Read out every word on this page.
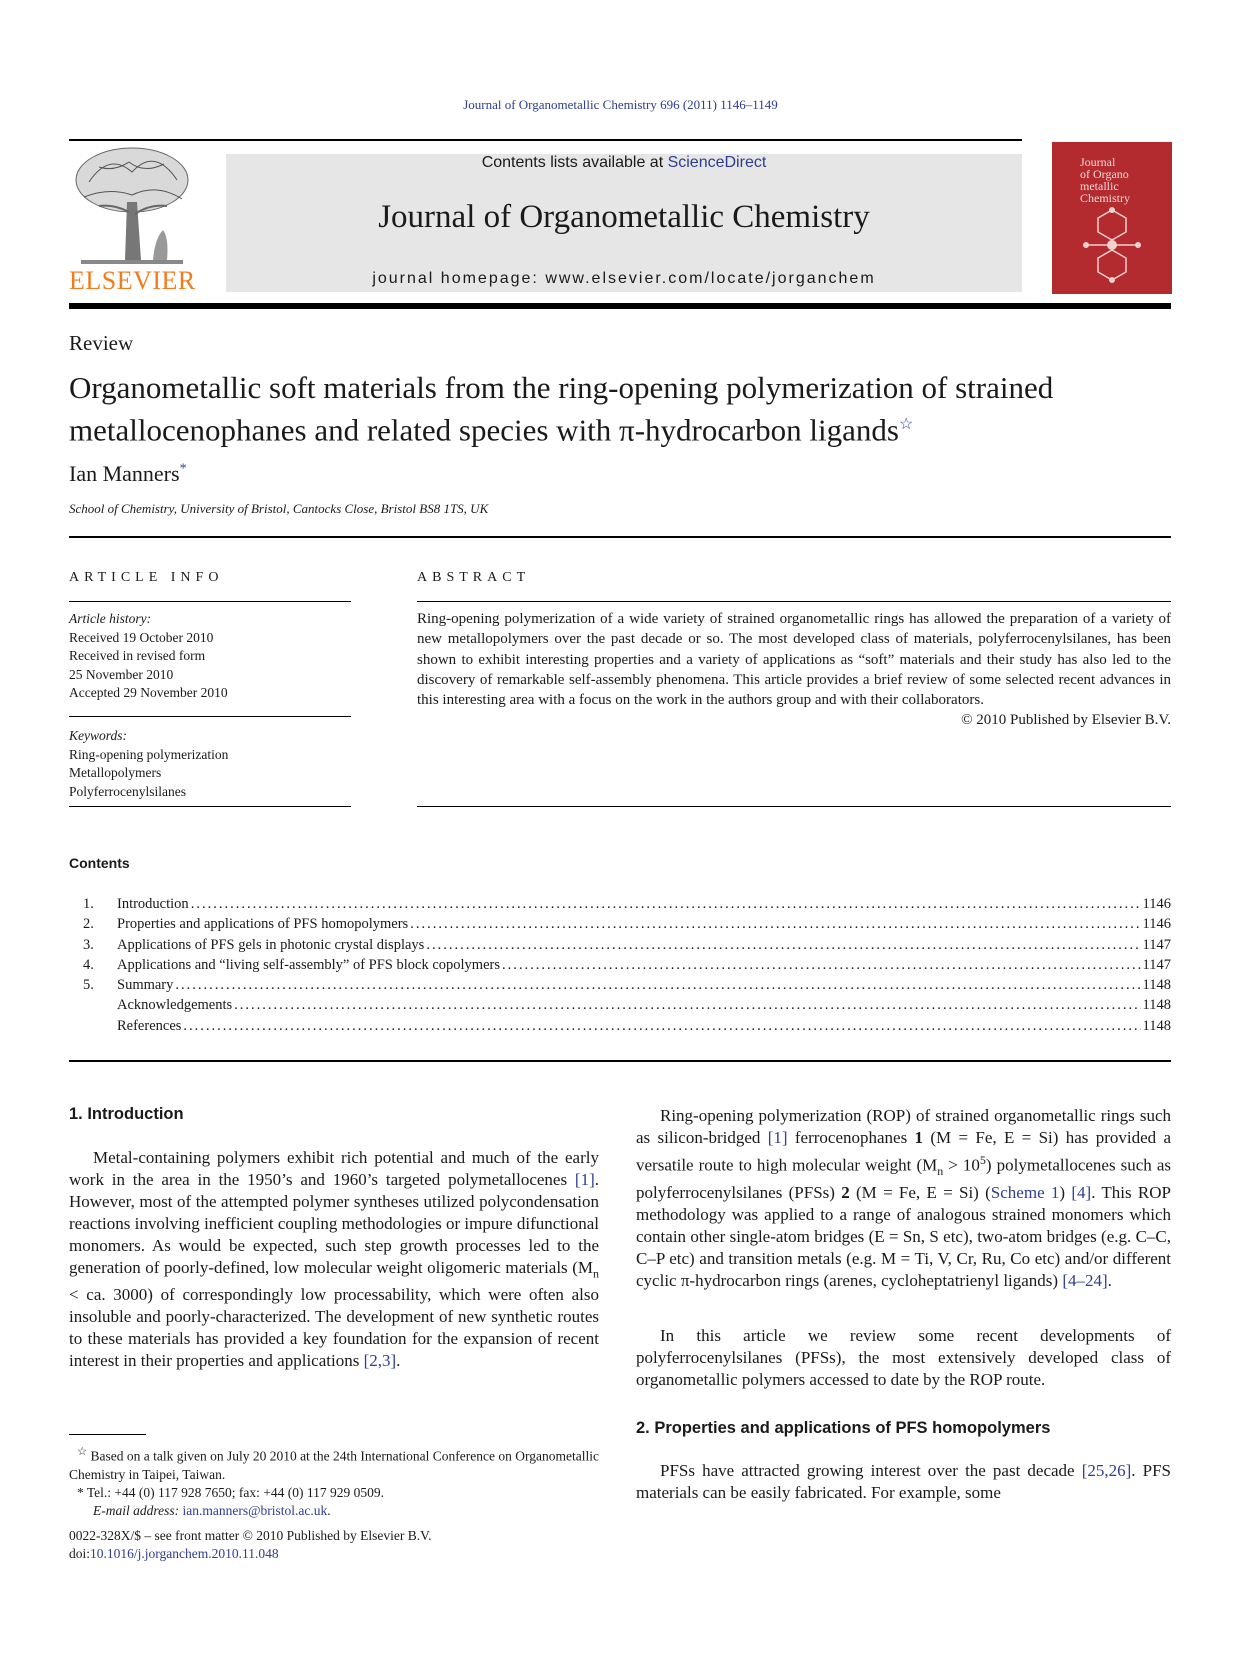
Journal of Organometallic Chemistry 696 (2011) 1146–1149
ELSEVIER
Contents lists available at ScienceDirect
Journal of Organometallic Chemistry
journal homepage: www.elsevier.com/locate/jorganchem
Journal
of Organo
metallic
Chemistry
Review
Organometallic soft materials from the ring-opening polymerization of strained
metallocenophanes and related species with π-hydrocarbon ligands☆
Ian Manners*
School of Chemistry, University of Bristol, Cantocks Close, Bristol BS8 1TS, UK
ARTICLE INFO
Article history:
Received 19 October 2010
Received in revised form
25 November 2010
Accepted 29 November 2010
Keywords:
Ring-opening polymerization
Metallopolymers
Polyferrocenylsilanes
ABSTRACT
Ring-opening polymerization of a wide variety of strained organometallic rings has allowed the preparation of a variety of new metallopolymers over the past decade or so. The most developed class of materials, polyferrocenylsilanes, has been shown to exhibit interesting properties and a variety of applications as “soft” materials and their study has also led to the discovery of remarkable self-assembly phenomena. This article provides a brief review of some selected recent advances in this interesting area with a focus on the work in the authors group and with their collaborators.
© 2010 Published by Elsevier B.V.
Contents
1.	Introduction .....	1146
2.	Properties and applications of PFS homopolymers .....	1146
3.	Applications of PFS gels in photonic crystal displays .....	1147
4.	Applications and “living self-assembly” of PFS block copolymers .....	1147
5.	Summary .....	1148
Acknowledgements .....	1148
References .....	1148
1. Introduction
Metal-containing polymers exhibit rich potential and much of the early work in the area in the 1950’s and 1960’s targeted polymetallocenes [1]. However, most of the attempted polymer syntheses utilized polycondensation reactions involving inefficient coupling methodologies or impure difunctional monomers. As would be expected, such step growth processes led to the generation of poorly-defined, low molecular weight oligomeric materials ($M_n$ < ca. 3000) of correspondingly low processability, which were often also insoluble and poorly-characterized. The development of new synthetic routes to these materials has provided a key foundation for the expansion of recent interest in their properties and applications [2,3].
Ring-opening polymerization (ROP) of strained organometallic rings such as silicon-bridged [1] ferrocenophanes 1 (M = Fe, E = Si) has provided a versatile route to high molecular weight $(M_n > 10^5)$ polymetallocenes such as polyferrocenylsilanes (PFSs) 2 (M = Fe, E = Si) (Scheme 1) [4]. This ROP methodology was applied to a range of analogous strained monomers which contain other single-atom bridges (E = Sn, S etc), two-atom bridges (e.g. C–C, C–P etc) and transition metals (e.g. M = Ti, V, Cr, Ru, Co etc) and/or different cyclic π-hydrocarbon rings (arenes, cycloheptatrienyl ligands) [4–24].
In this article we review some recent developments of polyferrocenylsilanes (PFSs), the most extensively developed class of organometallic polymers accessed to date by the ROP route.
2. Properties and applications of PFS homopolymers
PFSs have attracted growing interest over the past decade [25,26]. PFS materials can be easily fabricated. For example, some
☆ Based on a talk given on July 20 2010 at the 24th International Conference on Organometallic Chemistry in Taipei, Taiwan.
* Tel.: +44 (0) 117 928 7650; fax: +44 (0) 117 929 0509.
E-mail address: ian.manners@bristol.ac.uk.
0022-328X/$ – see front matter © 2010 Published by Elsevier B.V.
doi:10.1016/j.jorganchem.2010.11.048
